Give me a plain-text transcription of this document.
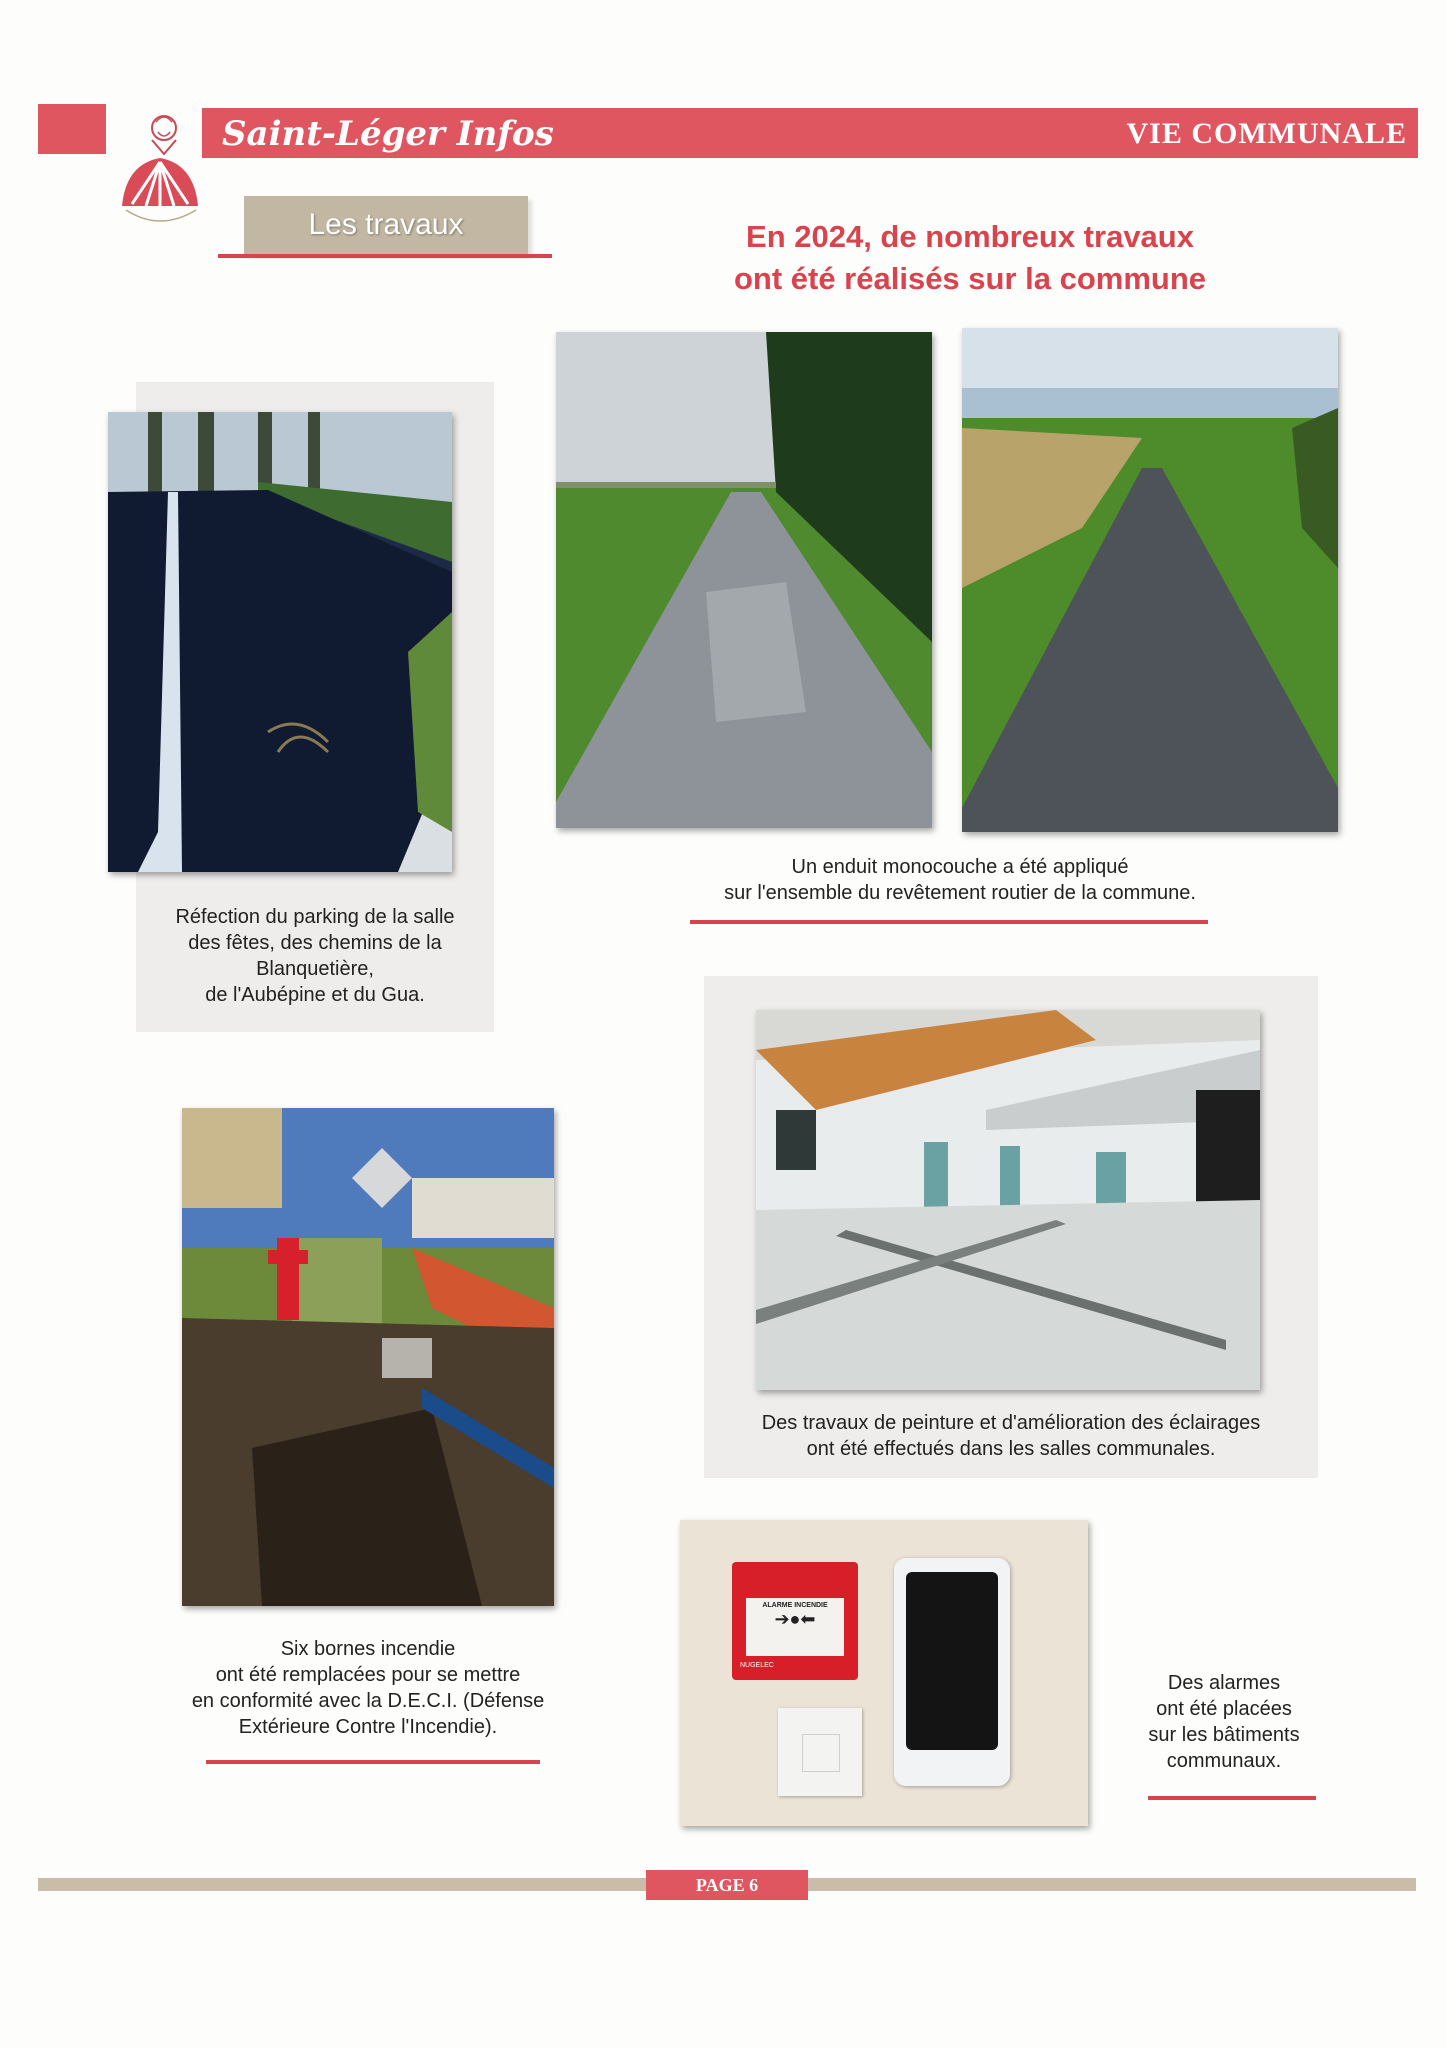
Saint-Léger Infos	VIE COMMUNALE
Les travaux	En 2024, de nombreux travaux
ont été réalisés sur la commune
Réfection du parking de la salle
des fêtes, des chemins de la
Blanquetière,
de l'Aubépine et du Gua.
Un enduit monocouche a été appliqué
sur l'ensemble du revêtement routier de la commune.
Des travaux de peinture et d'amélioration des éclairages
ont été effectués dans les salles communales.
Six bornes incendie
ont été remplacées pour se mettre
en conformité avec la D.E.C.I. (Défense
Extérieure Contre l'Incendie).
ALARME INCENDIE
➔●⬅
NUGELEC
Des alarmes
ont été placées
sur les bâtiments
communaux.
PAGE 6
